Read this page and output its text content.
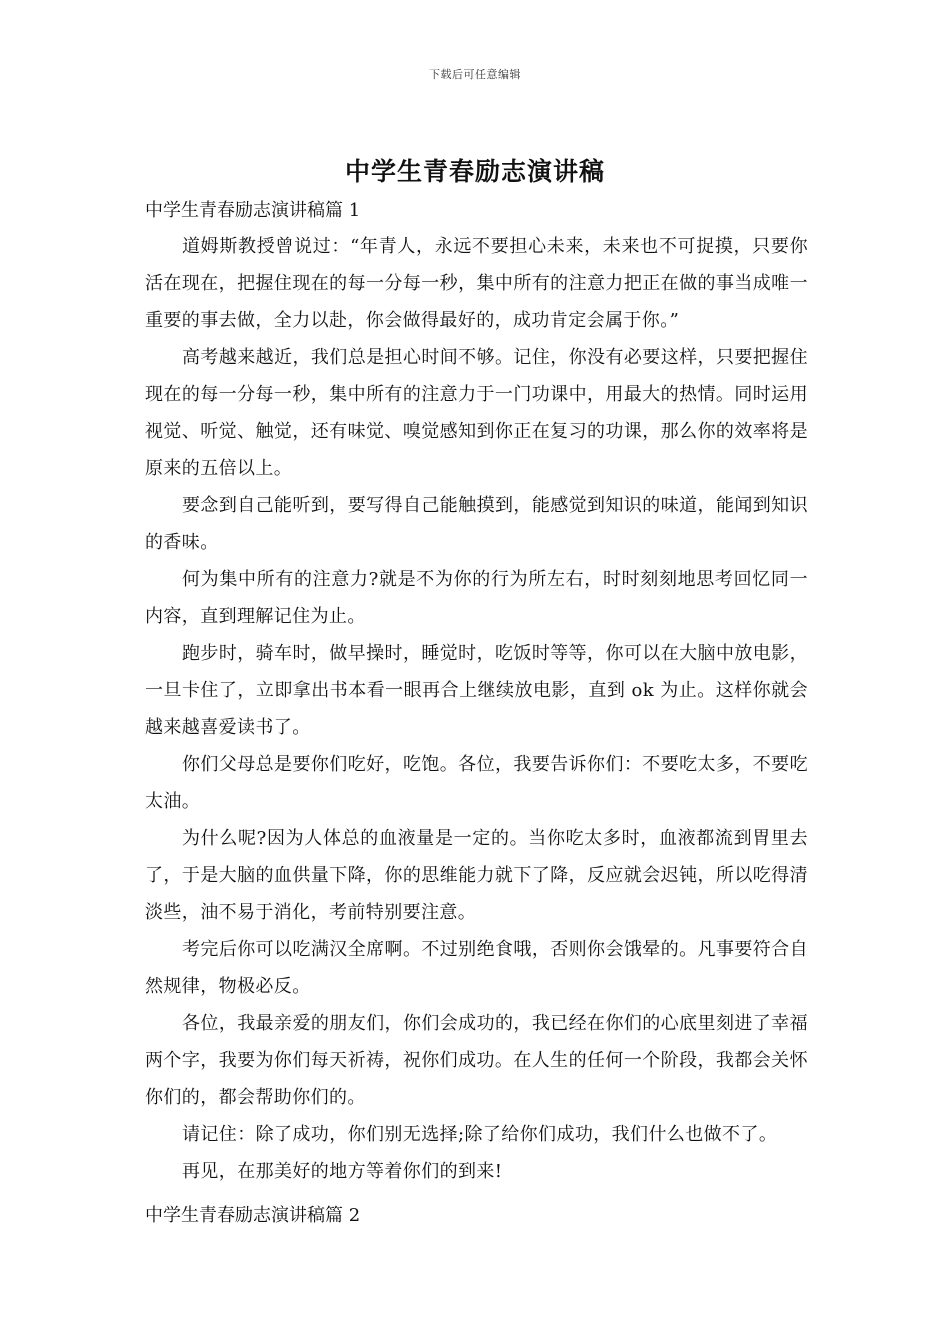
下载后可任意编辑
中学生青春励志演讲稿
中学生青春励志演讲稿篇 1

道姆斯教授曾说过：“年青人，永远不要担心未来，未来也不可捉摸，只要你活在现在，把握住现在的每一分每一秒，集中所有的注意力把正在做的事当成唯一重要的事去做，全力以赴，你会做得最好的，成功肯定会属于你。”

高考越来越近，我们总是担心时间不够。记住，你没有必要这样，只要把握住现在的每一分每一秒，集中所有的注意力于一门功课中，用最大的热情。同时运用视觉、听觉、触觉，还有味觉、嗅觉感知到你正在复习的功课，那么你的效率将是原来的五倍以上。

要念到自己能听到，要写得自己能触摸到，能感觉到知识的味道，能闻到知识的香味。

何为集中所有的注意力?就是不为你的行为所左右，时时刻刻地思考回忆同一内容，直到理解记住为止。

跑步时，骑车时，做早操时，睡觉时，吃饭时等等，你可以在大脑中放电影，一旦卡住了，立即拿出书本看一眼再合上继续放电影，直到 ok 为止。这样你就会越来越喜爱读书了。

你们父母总是要你们吃好，吃饱。各位，我要告诉你们：不要吃太多，不要吃太油。

为什么呢?因为人体总的血液量是一定的。当你吃太多时，血液都流到胃里去了，于是大脑的血供量下降，你的思维能力就下了降，反应就会迟钝，所以吃得清淡些，油不易于消化，考前特别要注意。

考完后你可以吃满汉全席啊。不过别绝食哦，否则你会饿晕的。凡事要符合自然规律，物极必反。

各位，我最亲爱的朋友们，你们会成功的，我已经在你们的心底里刻进了幸福两个字，我要为你们每天祈祷，祝你们成功。在人生的任何一个阶段，我都会关怀你们的，都会帮助你们的。

请记住：除了成功，你们别无选择;除了给你们成功，我们什么也做不了。

再见，在那美好的地方等着你们的到来!

中学生青春励志演讲稿篇 2
